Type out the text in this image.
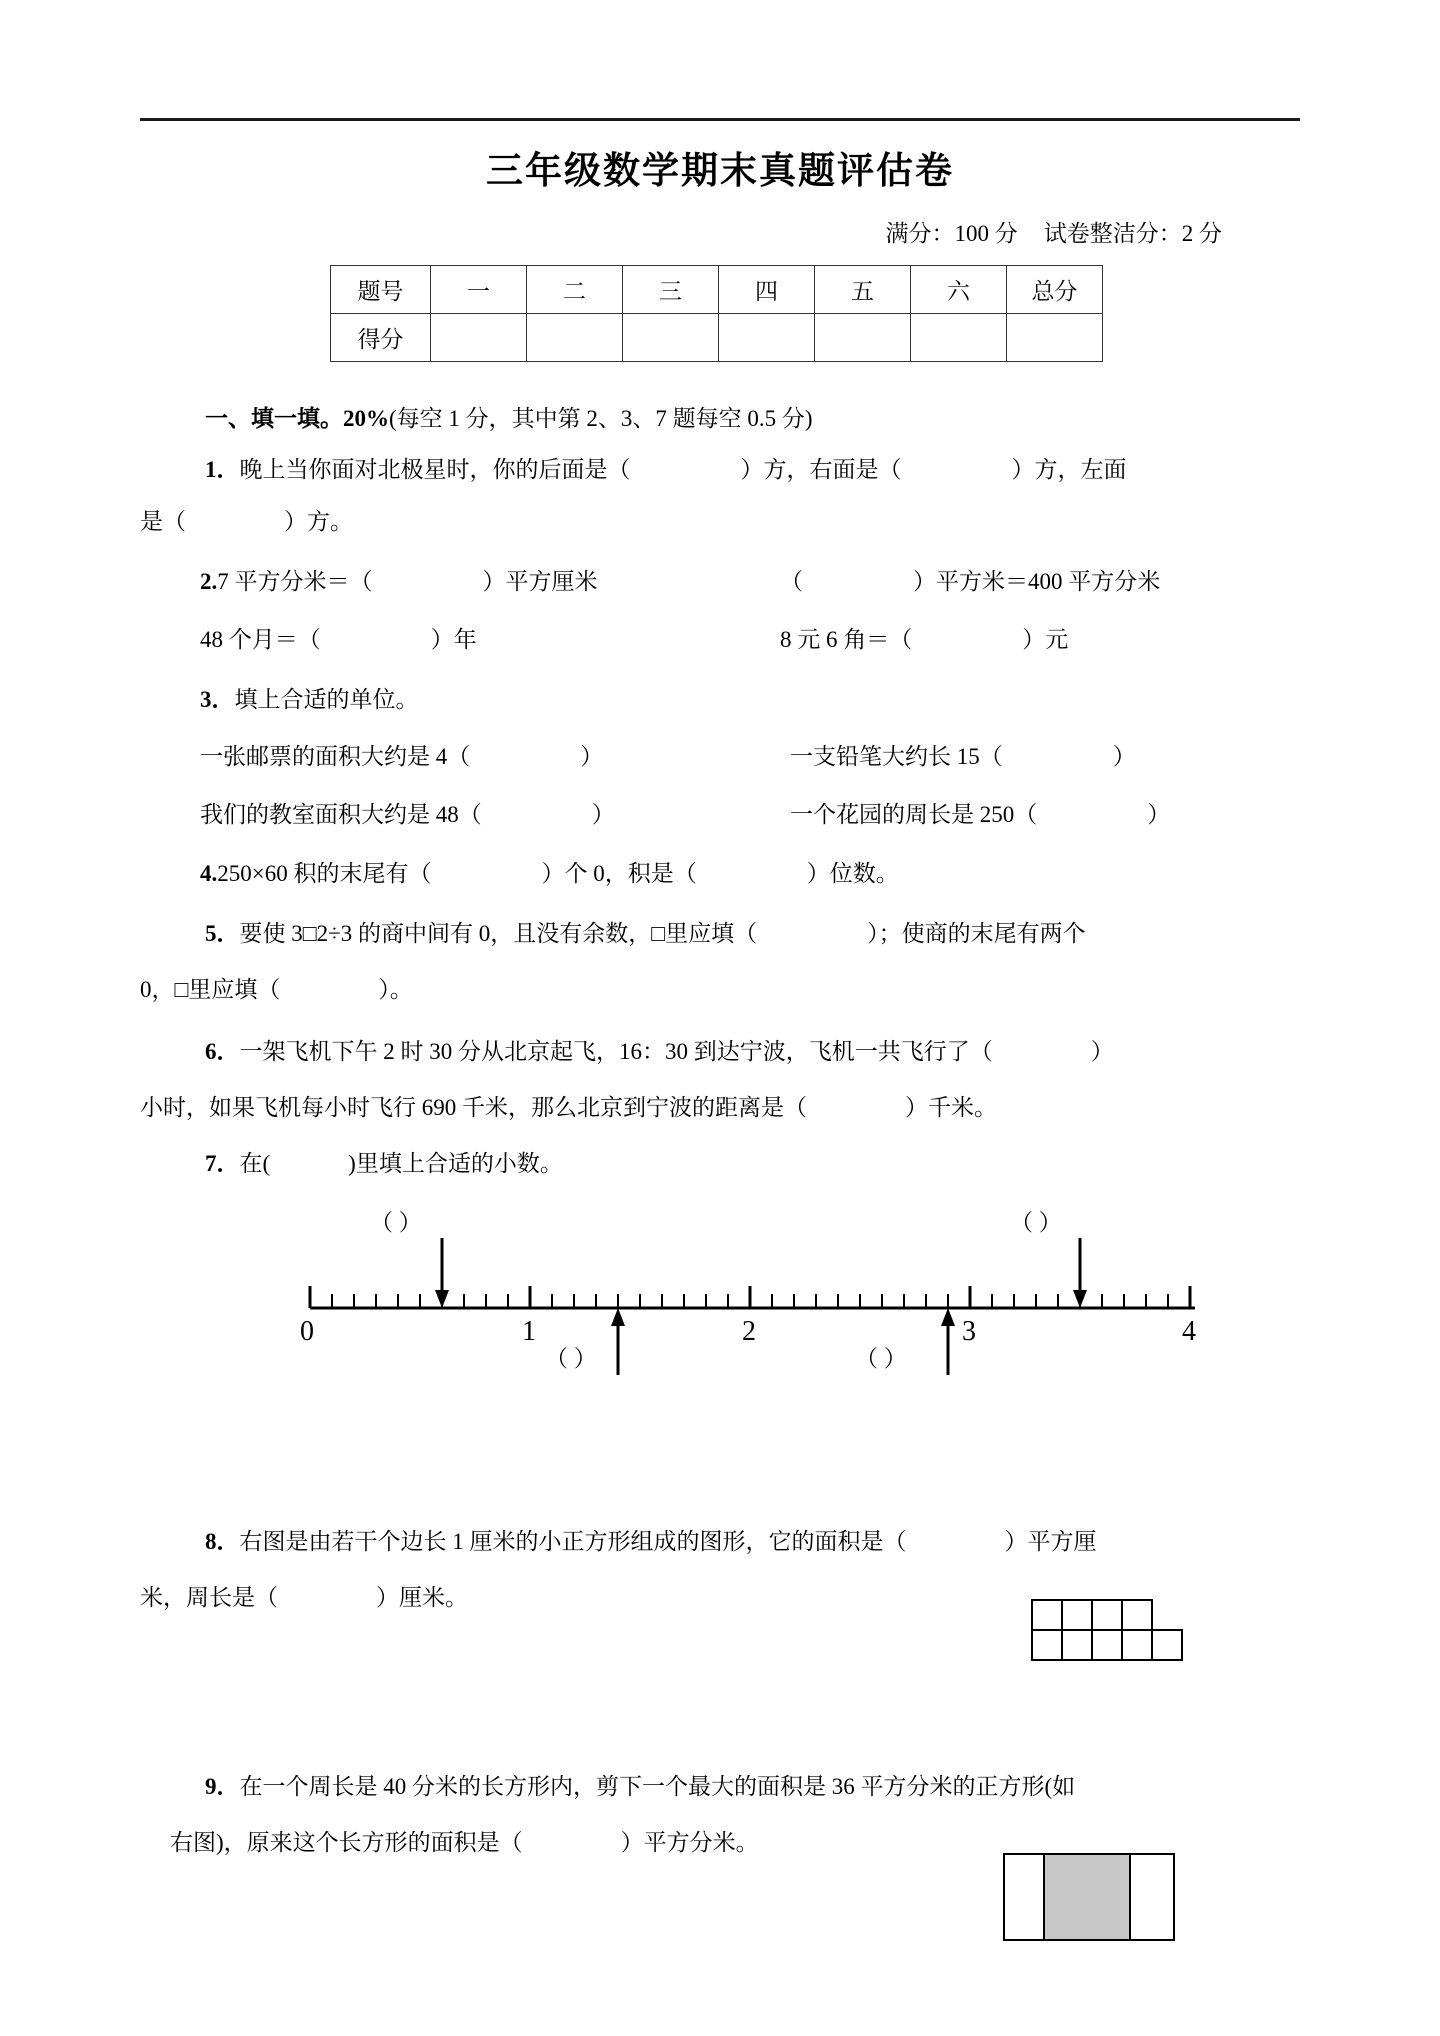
三年级数学期末真题评估卷
满分：100 分 试卷整洁分：2 分
题号	一	二	三	四	五	六	总分
得分							
一、填一填。20%(每空 1 分，其中第 2、3、7 题每空 0.5 分)
1．晚上当你面对北极星时，你的后面是（	）方，右面是（	）方，左面
是（	）方。
2.7 平方分米＝（	）平方厘米	（	）平方米＝400 平方分米
48 个月＝（	）年	8 元 6 角＝（	）元
3．填上合适的单位。
一张邮票的面积大约是 4（	）	一支铅笔大约长 15（	）
我们的教室面积大约是 48（	）	一个花园的周长是 250（	）
4.250×60 积的末尾有（	）个 0，积是（	）位数。
5．要使 3□2÷3 的商中间有 0，且没有余数，□里应填（	）；使商的末尾有两个
0，□里应填（	）。
6．一架飞机下午 2 时 30 分从北京起飞，16：30 到达宁波，飞机一共飞行了（	）
小时，如果飞机每小时飞行 690 千米，那么北京到宁波的距离是（	）千米。
7．在(	)里填上合适的小数。
（ ）	（ ）
（ ）	（ ）
0	1	2	3	4
8．右图是由若干个边长 1 厘米的小正方形组成的图形，它的面积是（	）平方厘
米，周长是（	）厘米。
9．在一个周长是 40 分米的长方形内，剪下一个最大的面积是 36 平方分米的正方形(如
右图)，原来这个长方形的面积是（	）平方分米。
